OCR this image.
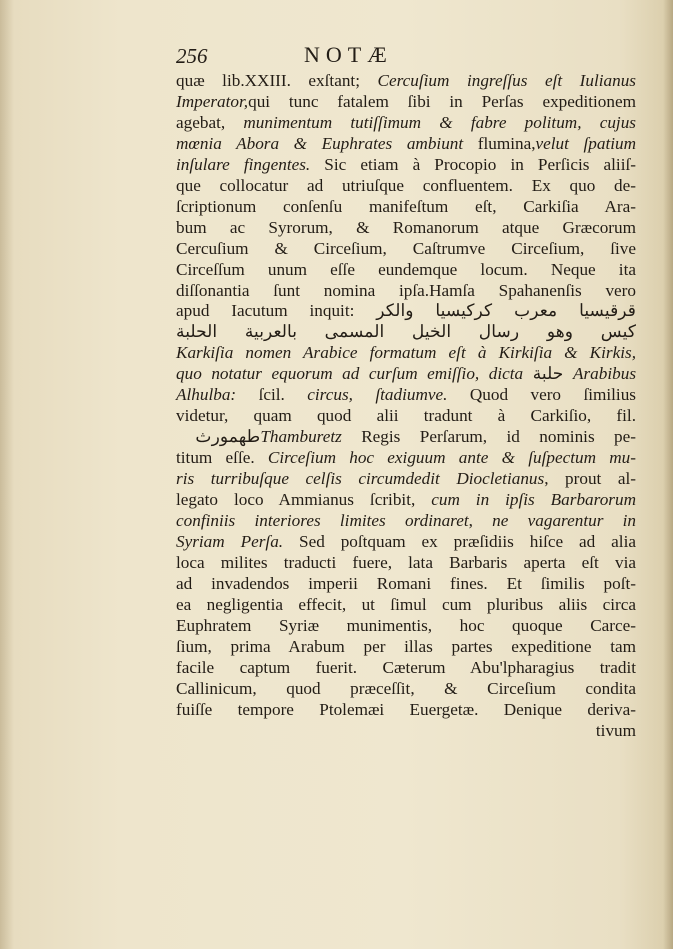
256	NOTÆ
quæ lib.XXIII. exſtant; Cercuſium ingreſſus eſt Iulianus
Imperator,qui tunc fatalem ſibi in Perſas expeditionem
agebat, munimentum tutiſſimum & fabre politum, cujus
mœnia Abora & Euphrates ambiunt flumina,velut ſpatium
inſulare fingentes. Sic etiam à Procopio in Perſicis aliiſ-
que collocatur ad utriuſque confluentem. Ex quo de-
ſcriptionum conſenſu manifeſtum eſt, Carkiſia Ara-
bum ac Syrorum, & Romanorum atque Græcorum
Cercuſium & Circeſium, Caſtrumve Circeſium, ſive
Circeſſum unum eſſe eundemque locum. Neque ita
diſſonantia ſunt nomina ipſa.Hamſa Spahanenſis vero
apud Iacutum inquit: قرقيسيا معرب كركيسيا والكر
كيس وهو رسال الخيل المسمى بالعربية الحلبة
Karkiſia nomen Arabice formatum eſt à Kirkiſia & Kirkis,
quo notatur equorum ad curſum emiſſio, dicta حلبة Arabibus
Alhulba: ſcil. circus, ſtadiumve. Quod vero ſimilius
videtur, quam quod alii tradunt à Carkiſio, fil.
طهمورث Thamburetz Regis Perſarum, id nominis pe-
titum eſſe. Circeſium hoc exiguum ante & ſuſpectum mu-
ris turribuſque celſis circumdedit Diocletianus, prout al-
legato loco Ammianus ſcribit, cum in ipſis Barbarorum
confiniis interiores limites ordinaret, ne vagarentur in
Syriam Perſa. Sed poſtquam ex præſidiis hiſce ad alia
loca milites traducti fuere, lata Barbaris aperta eſt via
ad invadendos imperii Romani fines. Et ſimilis poſt-
ea negligentia effecit, ut ſimul cum pluribus aliis circa
Euphratem Syriæ munimentis, hoc quoque Carce-
ſium, prima Arabum per illas partes expeditione tam
facile captum fuerit. Cæterum Abu'lpharagius tradit
Callinicum, quod præceſſit, & Circeſium condita
fuiſſe tempore Ptolemæi Euergetæ. Denique deriva-
tivum
